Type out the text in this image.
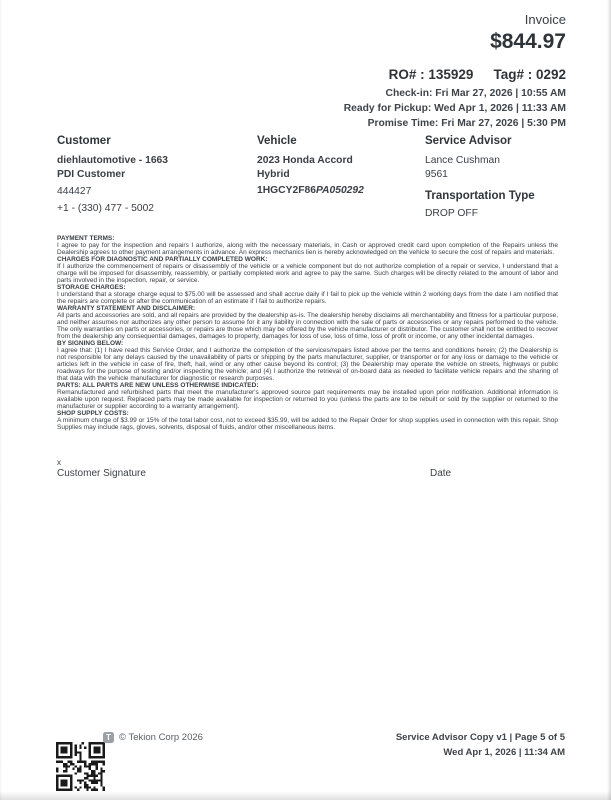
Invoice
$844.97
RO# : 135929 Tag# : 0292
Check-in: Fri Mar 27, 2026 | 10:55 AM
Ready for Pickup: Wed Apr 1, 2026 | 11:33 AM
Promise Time: Fri Mar 27, 2026 | 5:30 PM
Customer
diehlautomotive - 1663
PDI Customer
444427
+1 - (330) 477 - 5002
Vehicle
2023 Honda Accord
Hybrid
1HGCY2F86PA050292
Service Advisor
Lance Cushman
9561
Transportation Type
DROP OFF
PAYMENT TERMS:
I agree to pay for the inspection and repairs I authorize, along with the necessary materials, in Cash or approved credit card upon completion of the Repairs unless the Dealership agrees to other payment arrangements in advance. An express mechanics lien is hereby acknowledged on the vehicle to secure the cost of repairs and materials.
CHARGES FOR DIAGNOSTIC AND PARTIALLY COMPLETED WORK:
If I authorize the commencement of repairs or disassembly of the vehicle or a vehicle component but do not authorize completion of a repair or service, I understand that a charge will be imposed for disassembly, reassembly, or partially completed work and agree to pay the same. Such charges will be directly related to the amount of labor and parts involved in the inspection, repair, or service.
STORAGE CHARGES:
I understand that a storage charge equal to $75.00 will be assessed and shall accrue daily if I fail to pick up the vehicle within 2 working days from the date I am notified that the repairs are complete or after the communication of an estimate if I fail to authorize repairs.
WARRANTY STATEMENT AND DISCLAIMER:
All parts and accessories are sold, and all repairs are provided by the dealership as-is. The dealership hereby disclaims all merchantability and fitness for a particular purpose, and neither assumes nor authorizes any other person to assume for it any liability in connection with the sale of parts or accessories or any repairs performed to the vehicle. The only warranties on parts or accessories, or repairs are those which may be offered by the vehicle manufacturer or distributor. The customer shall not be entitled to recover from the dealership any consequential damages, damages to property, damages for loss of use, loss of time, loss of profit or income, or any other incidental damages.
BY SIGNING BELOW:
I agree that: (1) I have read this Service Order, and I authorize the completion of the services/repairs listed above per the terms and conditions herein; (2) the Dealership is not responsible for any delays caused by the unavailability of parts or shipping by the parts manufacturer, supplier, or transporter or for any loss or damage to the vehicle or articles left in the vehicle in case of fire, theft, hail, wind or any other cause beyond its control; (3) the Dealership may operate the vehicle on streets, highways or public roadways for the purpose of testing and/or inspecting the vehicle; and (4) I authorize the retrieval of on-board data as needed to facilitate vehicle repairs and the sharing of that data with the vehicle manufacturer for diagnostic or research purposes.
PARTS: ALL PARTS ARE NEW UNLESS OTHERWISE INDICATED:
Remanufactured and refurbished parts that meet the manufacturer's approved source part requirements may be installed upon prior notification. Additional information is available upon request. Replaced parts may be made available for inspection or returned to you (unless the parts are to be rebuilt or sold by the supplier or returned to the manufacturer or supplier according to a warranty arrangement).
SHOP SUPPLY COSTS:
A minimum charge of $3.99 or 15% of the total labor cost, not to exceed $35.99, will be added to the Repair Order for shop supplies used in connection with this repair. Shop Supplies may include rags, gloves, solvents, disposal of fluids, and/or other miscellaneous items.
x
Customer Signature	Date
T © Tekion Corp 2026	Service Advisor Copy v1 | Page 5 of 5
Wed Apr 1, 2026 | 11:34 AM
